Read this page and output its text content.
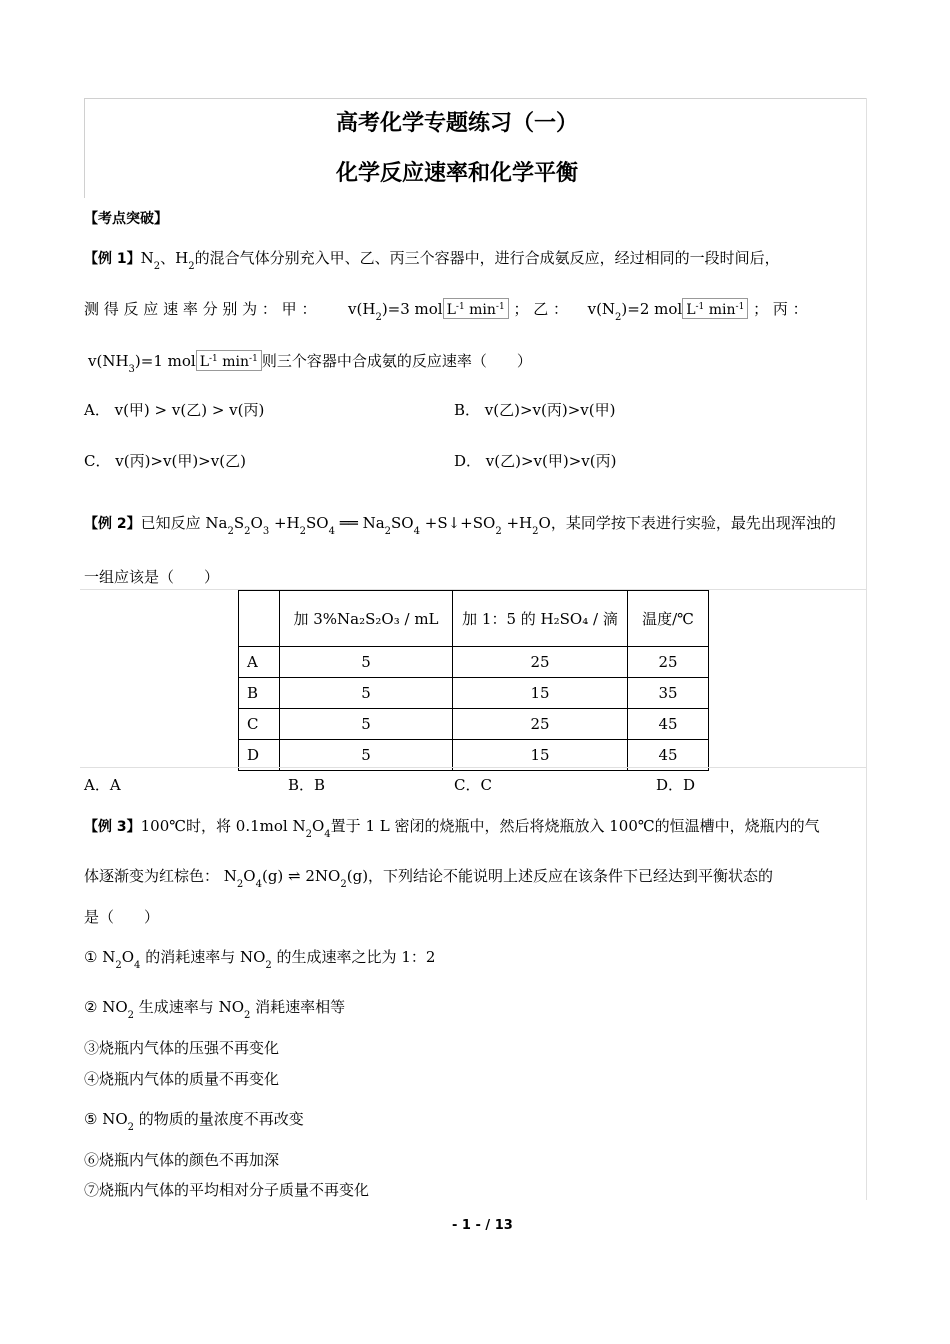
高考化学专题练习（一）
化学反应速率和化学平衡
【考点突破】
【例 1】$N_2$、$H_2$的混合气体分别充入甲、乙、丙三个容器中，进行合成氨反应，经过相同的一段时间后，
测 得 反 应 速 率 分 别 为 ： 甲 ： $v(H_2)=3$ mol $L^{-1}$ $\min^{-1}$ ； 乙 ： $v(N_2)=2$ mol $L^{-1}$ $\min^{-1}$ ； 丙 ：
$v(NH_3)=1$ mol $L^{-1}$ $\min^{-1}$ 则三个容器中合成氨的反应速率（　　）
A． v(甲) > v(乙) > v(丙)	B． v(乙)>v(丙)>v(甲)
C． v(丙)>v(甲)>v(乙)	D． v(乙)>v(甲)>v(丙)
【例 2】已知反应 $Na_2S_2O_3 +H_2SO_4$ ══ $Na_2SO_4$ $+S↓+SO_2 +H_2O$，某同学按下表进行实验，最先出现浑浊的
一组应该是（　　）
	加 3%Na₂S₂O₃ / mL	加 1：5 的 H₂SO₄ / 滴	温度/℃
A	5	25	25
B	5	15	35
C	5	25	45
D	5	15	45
A．A	B．B	C．C	D．D
【例 3】100℃时，将 0.1mol $N_2O_4$置于 1 L 密闭的烧瓶中，然后将烧瓶放入 100℃的恒温槽中，烧瓶内的气
体逐渐变为红棕色： $N_2O_4(g)$ ⇌ $2NO_2(g)$，下列结论不能说明上述反应在该条件下已经达到平衡状态的
是（　　）
① $N_2O_4$ 的消耗速率与 $NO_2$ 的生成速率之比为 1：2
② $NO_2$ 生成速率与 $NO_2$ 消耗速率相等
③烧瓶内气体的压强不再变化
④烧瓶内气体的质量不再变化
⑤ $NO_2$ 的物质的量浓度不再改变
⑥烧瓶内气体的颜色不再加深
⑦烧瓶内气体的平均相对分子质量不再变化
- 1 - / 13
